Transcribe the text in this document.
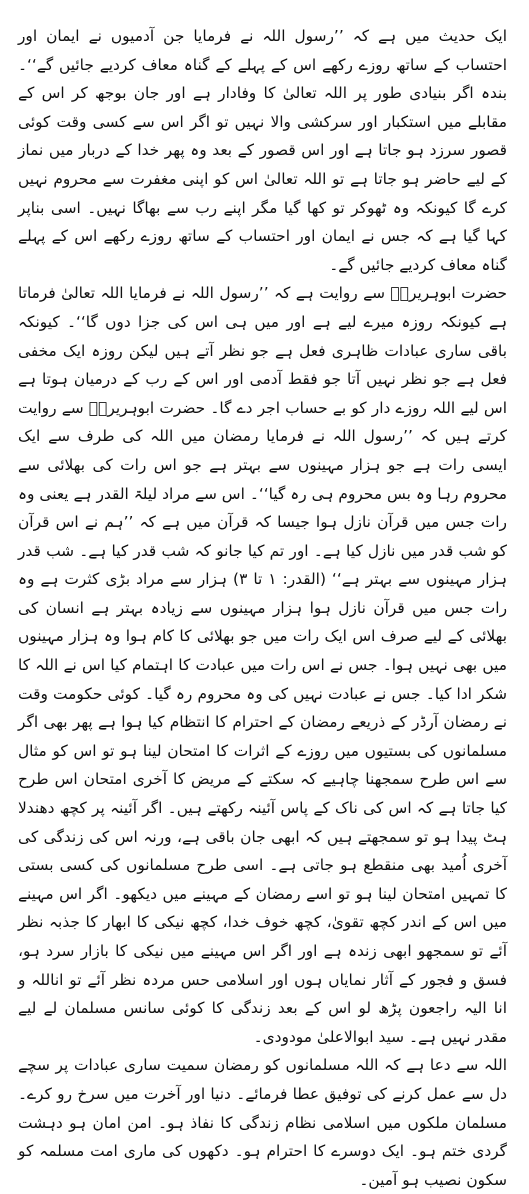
ایک حدیث میں ہے کہ ’’رسول اللہ نے فرمایا جن آدمیوں نے ایمان اور احتساب کے ساتھ روزے رکھے اس کے پہلے کے گناہ معاف کردیے جائیں گے‘‘۔ بندہ اگر بنیادی طور پر اللہ تعالیٰ کا وفادار ہے اور جان بوجھ کر اس کے مقابلے میں استکبار اور سرکشی والا نہیں تو اگر اس سے کسی وقت کوئی قصور سرزد ہو جاتا ہے اور اس قصور کے بعد وہ پھر خدا کے دربار میں نماز کے لیے حاضر ہو جاتا ہے تو اللہ تعالیٰ اس کو اپنی مغفرت سے محروم نہیں کرے گا کیونکہ وہ ٹھوکر تو کھا گیا مگر اپنے رب سے بھاگا نہیں۔ اسی بناپر کہا گیا ہے کہ جس نے ایمان اور احتساب کے ساتھ روزے رکھے اس کے پہلے گناہ معاف کردیے جائیں گے۔

حضرت ابوہریرہؓ سے روایت ہے کہ ’’رسول اللہ نے فرمایا اللہ تعالیٰ فرماتا ہے کیونکہ روزہ میرے لیے ہے اور میں ہی اس کی جزا دوں گا‘‘۔ کیونکہ باقی ساری عبادات ظاہری فعل ہے جو نظر آتے ہیں لیکن روزہ ایک مخفی فعل ہے جو نظر نہیں آتا جو فقط آدمی اور اس کے رب کے درمیان ہوتا ہے اس لیے اللہ روزے دار کو بے حساب اجر دے گا۔ حضرت ابوہریرہؓ سے روایت کرتے ہیں کہ ’’رسول اللہ نے فرمایا رمضان میں اللہ کی طرف سے ایک ایسی رات ہے جو ہزار مہینوں سے بہتر ہے جو اس رات کی بھلائی سے محروم رہا وہ بس محروم ہی رہ گیا‘‘۔ اس سے مراد لیلۃ القدر ہے یعنی وہ رات جس میں قرآن نازل ہوا جیسا کہ قرآن میں ہے کہ ’’ہم نے اس قرآن کو شب قدر میں نازل کیا ہے۔ اور تم کیا جانو کہ شب قدر کیا ہے۔ شب قدر ہزار مہینوں سے بہتر ہے‘‘ (القدر: ۱ تا ۳) ہزار سے مراد بڑی کثرت ہے وہ رات جس میں قرآن نازل ہوا ہزار مہینوں سے زیادہ بہتر ہے انسان کی بھلائی کے لیے صرف اس ایک رات میں جو بھلائی کا کام ہوا وہ ہزار مہینوں میں بھی نہیں ہوا۔ جس نے اس رات میں عبادت کا اہتمام کیا اس نے اللہ کا شکر ادا کیا۔ جس نے عبادت نہیں کی وہ محروم رہ گیا۔ کوئی حکومت وقت نے رمضان آرڈر کے ذریعے رمضان کے احترام کا انتظام کیا ہوا ہے پھر بھی اگر مسلمانوں کی بستیوں میں روزے کے اثرات کا امتحان لینا ہو تو اس کو مثال سے اس طرح سمجھنا چاہیے کہ سکتے کے مریض کا آخری امتحان اس طرح کیا جاتا ہے کہ اس کی ناک کے پاس آئینہ رکھتے ہیں۔ اگر آئینہ پر کچھ دھندلا ہٹ پیدا ہو تو سمجھتے ہیں کہ ابھی جان باقی ہے، ورنہ اس کی زندگی کی آخری اُمید بھی منقطع ہو جاتی ہے۔ اسی طرح مسلمانوں کی کسی بستی کا تمہیں امتحان لینا ہو تو اسے رمضان کے مہینے میں دیکھو۔ اگر اس مہینے میں اس کے اندر کچھ تقویٰ، کچھ خوف خدا، کچھ نیکی کا ابھار کا جذبہ نظر آئے تو سمجھو ابھی زندہ ہے اور اگر اس مہینے میں نیکی کا بازار سرد ہو، فسق و فجور کے آثار نمایاں ہوں اور اسلامی حس مردہ نظر آئے تو اناللہ و انا الیہ راجعون پڑھ لو اس کے بعد زندگی کا کوئی سانس مسلمان لے لیے مقدر نہیں ہے۔ سید ابوالاعلیٰ مودودی۔

اللہ سے دعا ہے کہ اللہ مسلمانوں کو رمضان سمیت ساری عبادات پر سچے دل سے عمل کرنے کی توفیق عطا فرمائے۔ دنیا اور آخرت میں سرخ رو کرے۔ مسلمان ملکوں میں اسلامی نظام زندگی کا نفاذ ہو۔ امن امان ہو دہشت گردی ختم ہو۔ ایک دوسرے کا احترام ہو۔ دکھوں کی ماری امت مسلمہ کو سکون نصیب ہو آمین۔
